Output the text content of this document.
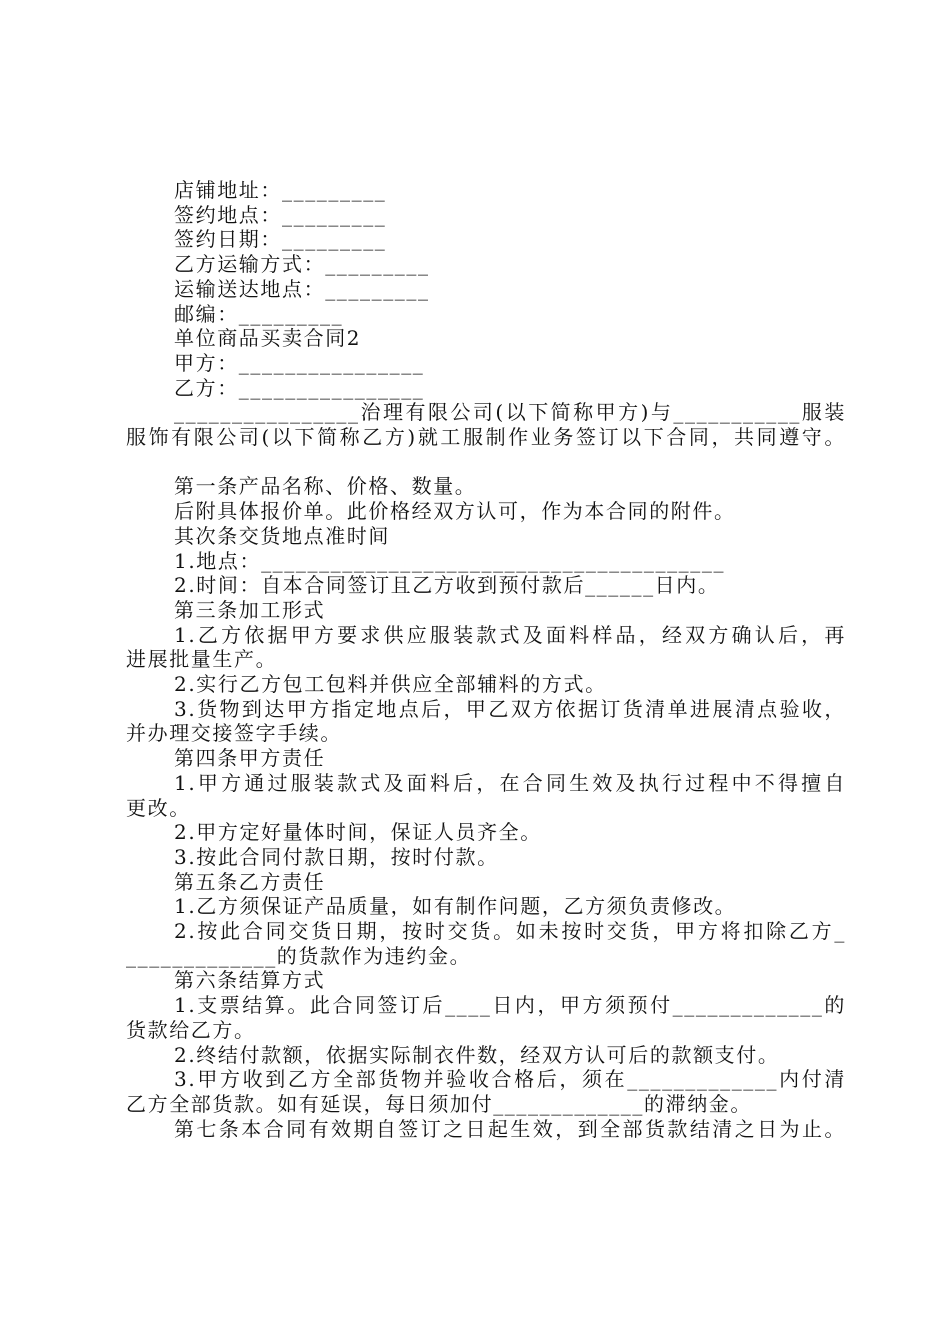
店铺地址：_________
签约地点：_________
签约日期：_________
乙方运输方式：_________
运输送达地点：_________
邮编：_________
单位商品买卖合同2
甲方：________________
乙方：________________
________________治理有限公司(以下简称甲方)与___________服装
服饰有限公司(以下简称乙方)就工服制作业务签订以下合同，共同遵守。
第一条产品名称、价格、数量。
后附具体报价单。此价格经双方认可，作为本合同的附件。
其次条交货地点准时间
1.地点：________________________________________
2.时间：自本合同签订且乙方收到预付款后______日内。
第三条加工形式
1.乙方依据甲方要求供应服装款式及面料样品，经双方确认后，再
进展批量生产。
2.实行乙方包工包料并供应全部辅料的方式。
3.货物到达甲方指定地点后，甲乙双方依据订货清单进展清点验收，
并办理交接签字手续。
第四条甲方责任
1.甲方通过服装款式及面料后，在合同生效及执行过程中不得擅自
更改。
2.甲方定好量体时间，保证人员齐全。
3.按此合同付款日期，按时付款。
第五条乙方责任
1.乙方须保证产品质量，如有制作问题，乙方须负责修改。
2.按此合同交货日期，按时交货。如未按时交货，甲方将扣除乙方_
_____________的货款作为违约金。
第六条结算方式
1.支票结算。此合同签订后____日内，甲方须预付_____________的
货款给乙方。
2.终结付款额，依据实际制衣件数，经双方认可后的款额支付。
3.甲方收到乙方全部货物并验收合格后，须在_____________内付清
乙方全部货款。如有延误，每日须加付_____________的滞纳金。
第七条本合同有效期自签订之日起生效，到全部货款结清之日为止。
